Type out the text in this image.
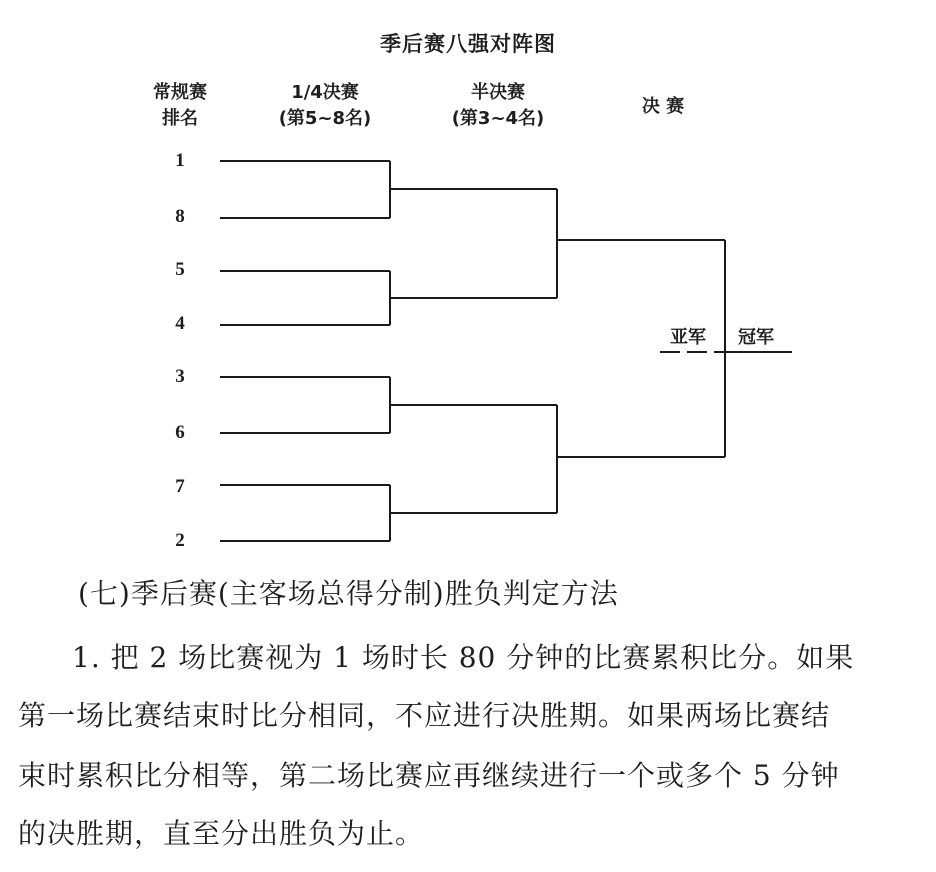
季后赛八强对阵图
常规赛
排名
1/4决赛
(第5~8名)
半决赛
(第3~4名)
决 赛
1
8
5
4
3
6
7
2
亚军 冠军
(七)季后赛(主客场总得分制)胜负判定方法
1. 把 2 场比赛视为 1 场时长 80 分钟的比赛累积比分。如果
第一场比赛结束时比分相同，不应进行决胜期。如果两场比赛结
束时累积比分相等，第二场比赛应再继续进行一个或多个 5 分钟
的决胜期，直至分出胜负为止。
